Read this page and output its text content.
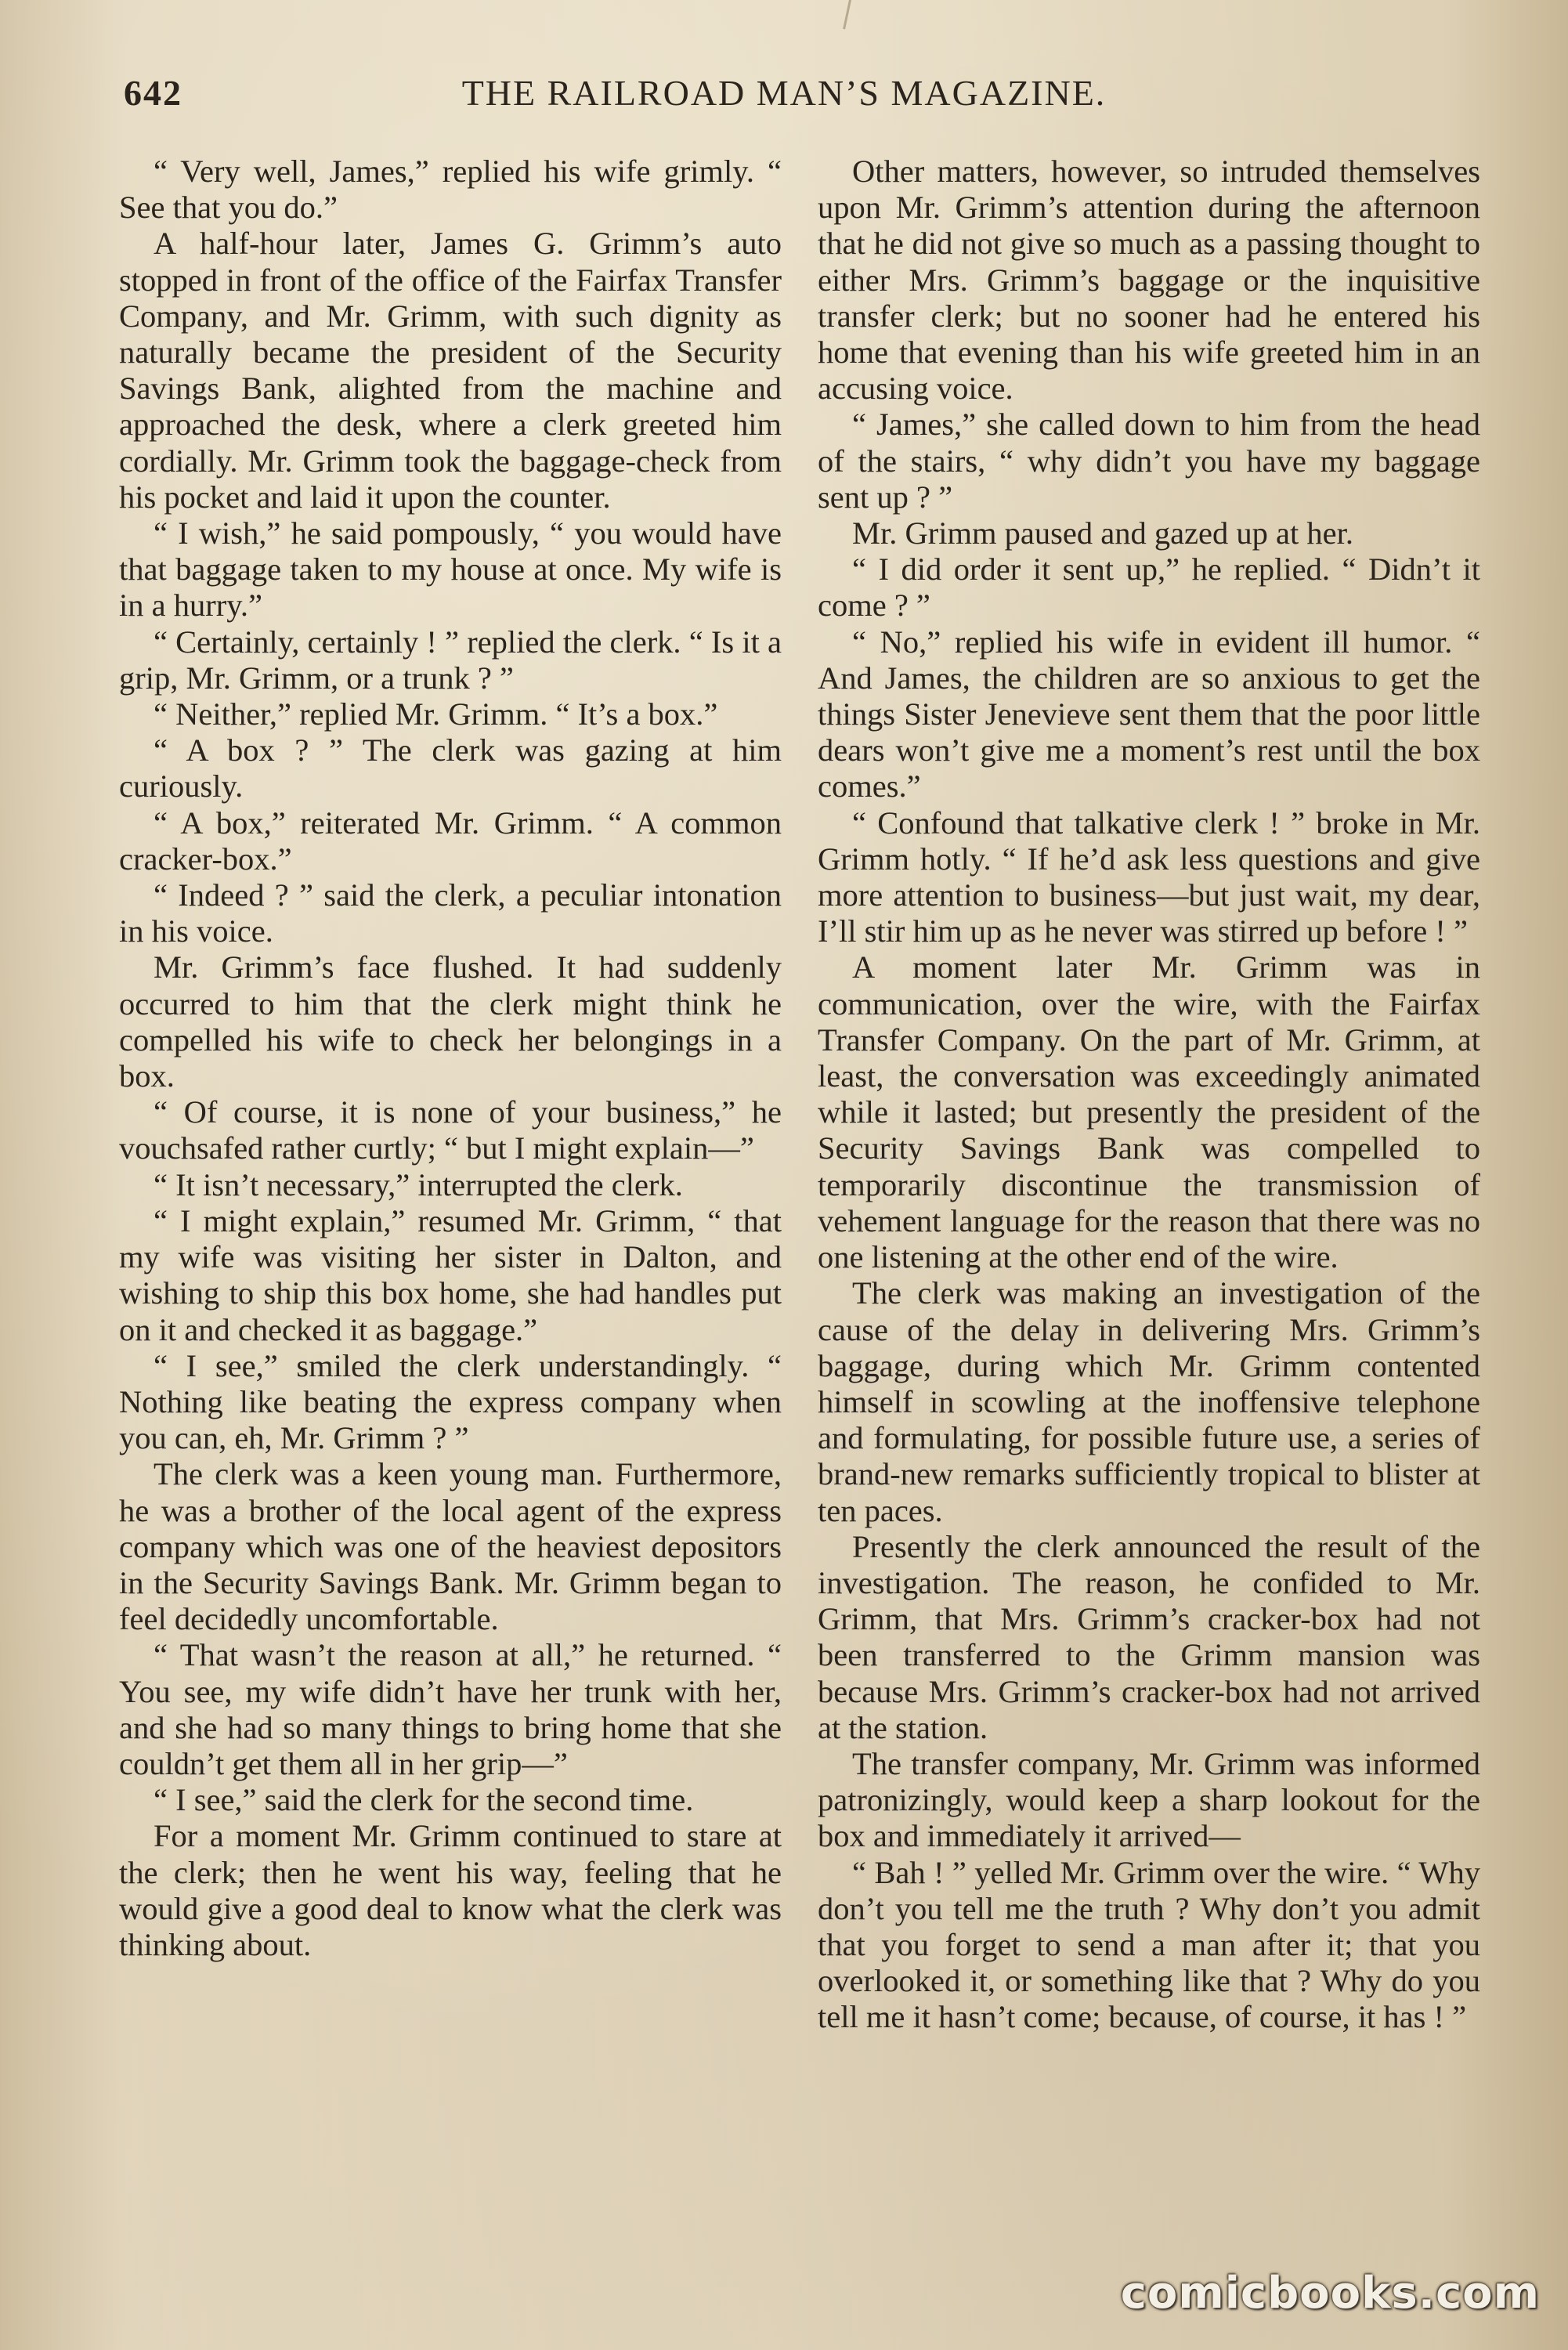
THE RAILROAD MAN’S MAGAZINE.
642

“ Very well, James,” replied his wife grimly. “ See that you do.”

A half-hour later, James G. Grimm’s auto stopped in front of the office of the Fairfax Transfer Company, and Mr. Grimm, with such dignity as naturally became the president of the Security Savings Bank, alighted from the machine and approached the desk, where a clerk greeted him cordially. Mr. Grimm took the baggage-check from his pocket and laid it upon the counter.

“ I wish,” he said pompously, “ you would have that baggage taken to my house at once. My wife is in a hurry.”

“ Certainly, certainly ! ” replied the clerk. “ Is it a grip, Mr. Grimm, or a trunk ? ”

“ Neither,” replied Mr. Grimm. “ It’s a box.”

“ A box ? ” The clerk was gazing at him curiously.

“ A box,” reiterated Mr. Grimm. “ A common cracker-box.”

“ Indeed ? ” said the clerk, a peculiar intonation in his voice.

Mr. Grimm’s face flushed. It had suddenly occurred to him that the clerk might think he compelled his wife to check her belongings in a box.

“ Of course, it is none of your business,” he vouchsafed rather curtly; “ but I might explain—”

“ It isn’t necessary,” interrupted the clerk.

“ I might explain,” resumed Mr. Grimm, “ that my wife was visiting her sister in Dalton, and wishing to ship this box home, she had handles put on it and checked it as baggage.”

“ I see,” smiled the clerk understandingly. “ Nothing like beating the express company when you can, eh, Mr. Grimm ? ”

The clerk was a keen young man. Furthermore, he was a brother of the local agent of the express company which was one of the heaviest depositors in the Security Savings Bank. Mr. Grimm began to feel decidedly uncomfortable.

“ That wasn’t the reason at all,” he returned. “ You see, my wife didn’t have her trunk with her, and she had so many things to bring home that she couldn’t get them all in her grip—”

“ I see,” said the clerk for the second time.

For a moment Mr. Grimm continued to stare at the clerk; then he went his way, feeling that he would give a good deal to know what the clerk was thinking about.

Other matters, however, so intruded themselves upon Mr. Grimm’s attention during the afternoon that he did not give so much as a passing thought to either Mrs. Grimm’s baggage or the inquisitive transfer clerk; but no sooner had he entered his home that evening than his wife greeted him in an accusing voice.

“ James,” she called down to him from the head of the stairs, “ why didn’t you have my baggage sent up ? ”

Mr. Grimm paused and gazed up at her.

“ I did order it sent up,” he replied. “ Didn’t it come ? ”

“ No,” replied his wife in evident ill humor. “ And James, the children are so anxious to get the things Sister Jenevieve sent them that the poor little dears won’t give me a moment’s rest until the box comes.”

“ Confound that talkative clerk ! ” broke in Mr. Grimm hotly. “ If he’d ask less questions and give more attention to business—but just wait, my dear, I’ll stir him up as he never was stirred up before ! ”

A moment later Mr. Grimm was in communication, over the wire, with the Fairfax Transfer Company. On the part of Mr. Grimm, at least, the conversation was exceedingly animated while it lasted; but presently the president of the Security Savings Bank was compelled to temporarily discontinue the transmission of vehement language for the reason that there was no one listening at the other end of the wire.

The clerk was making an investigation of the cause of the delay in delivering Mrs. Grimm’s baggage, during which Mr. Grimm contented himself in scowling at the inoffensive telephone and formulating, for possible future use, a series of brand-new remarks sufficiently tropical to blister at ten paces.

Presently the clerk announced the result of the investigation. The reason, he confided to Mr. Grimm, that Mrs. Grimm’s cracker-box had not been transferred to the Grimm mansion was because Mrs. Grimm’s cracker-box had not arrived at the station.

The transfer company, Mr. Grimm was informed patronizingly, would keep a sharp lookout for the box and immediately it arrived—

“ Bah ! ” yelled Mr. Grimm over the wire. “ Why don’t you tell me the truth ? Why don’t you admit that you forget to send a man after it; that you overlooked it, or something like that ? Why do you tell me it hasn’t come; because, of course, it has ! ”

comicbooks.com
